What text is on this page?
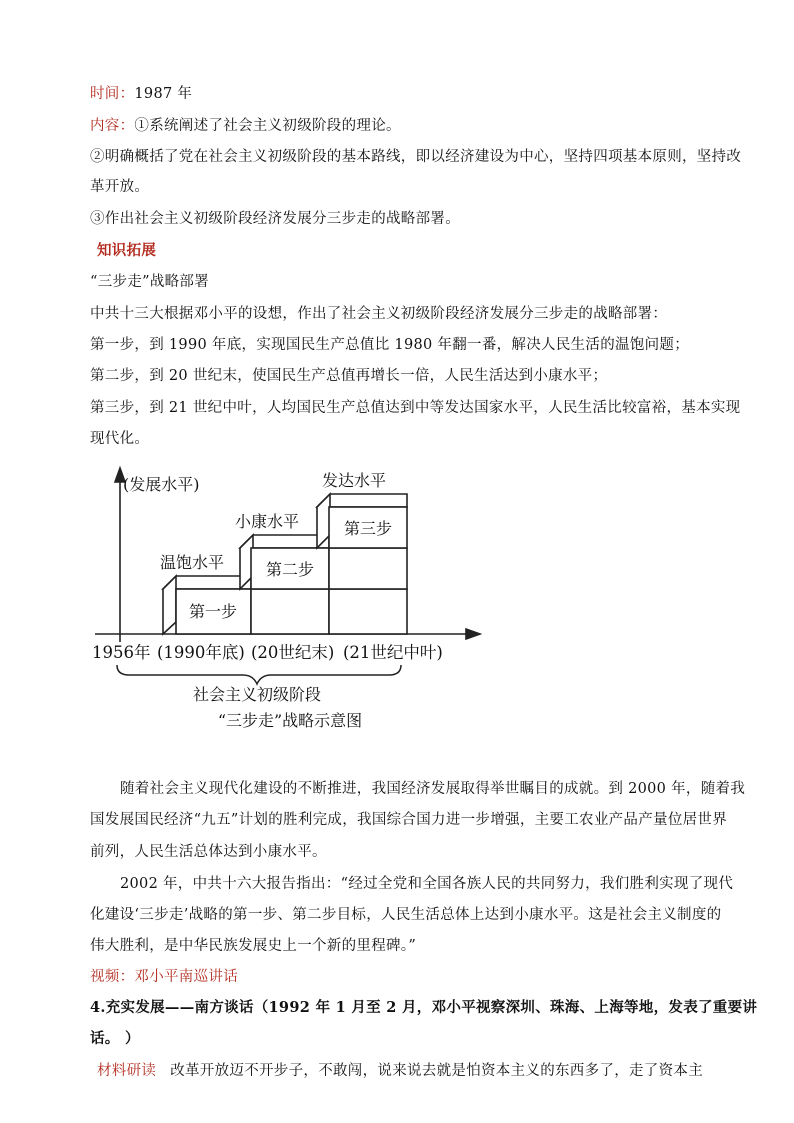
时间：1987 年
内容：①系统阐述了社会主义初级阶段的理论。
②明确概括了党在社会主义初级阶段的基本路线，即以经济建设为中心，坚持四项基本原则，坚持改
革开放。
③作出社会主义初级阶段经济发展分三步走的战略部署。
知识拓展
“三步走”战略部署
中共十三大根据邓小平的设想，作出了社会主义初级阶段经济发展分三步走的战略部署：
第一步，到 1990 年底，实现国民生产总值比 1980 年翻一番，解决人民生活的温饱问题；
第二步，到 20 世纪末，使国民生产总值再增长一倍，人民生活达到小康水平；
第三步，到 21 世纪中叶，人均国民生产总值达到中等发达国家水平，人民生活比较富裕，基本实现
现代化。
(发展水平)
温饱水平
小康水平
发达水平
第一步
第二步
第三步
1956年 (1990年底) (20世纪末) (21世纪中叶)
社会主义初级阶段
“三步走”战略示意图
随着社会主义现代化建设的不断推进，我国经济发展取得举世瞩目的成就。到 2000 年，随着我
国发展国民经济“九五”计划的胜利完成，我国综合国力进一步增强，主要工农业产品产量位居世界
前列，人民生活总体达到小康水平。
2002 年，中共十六大报告指出：“经过全党和全国各族人民的共同努力，我们胜利实现了现代
化建设‘三步走’战略的第一步、第二步目标，人民生活总体上达到小康水平。这是社会主义制度的
伟大胜利，是中华民族发展史上一个新的里程碑。”
视频：邓小平南巡讲话
4.充实发展——南方谈话（1992 年 1 月至 2 月，邓小平视察深圳、珠海、上海等地，发表了重要讲
话。 ）
材料研读 改革开放迈不开步子，不敢闯，说来说去就是怕资本主义的东西多了，走了资本主
